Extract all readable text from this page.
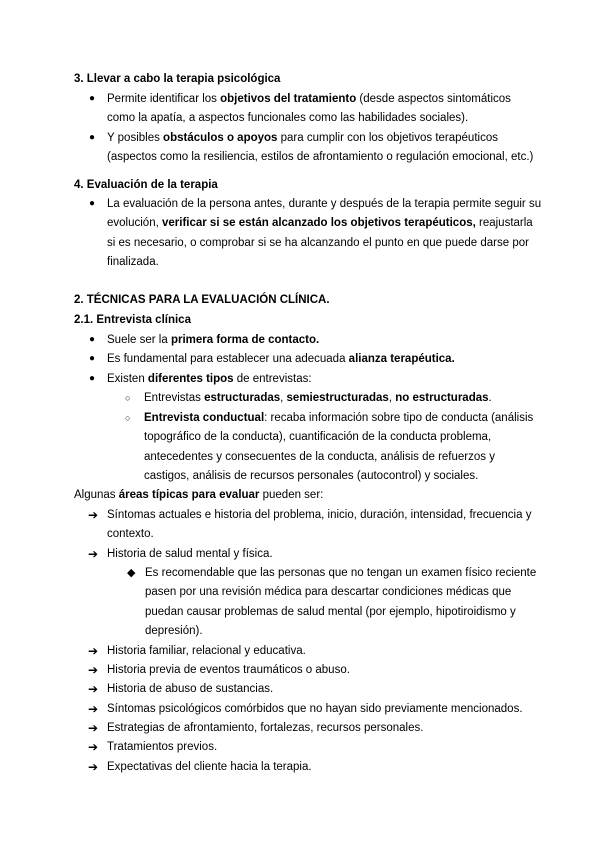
3. Llevar a cabo la terapia psicológica
● Permite identificar los objetivos del tratamiento (desde aspectos sintomáticos
como la apatía, a aspectos funcionales como las habilidades sociales).
● Y posibles obstáculos o apoyos para cumplir con los objetivos terapéuticos
(aspectos como la resiliencia, estilos de afrontamiento o regulación emocional, etc.)
4. Evaluación de la terapia
● La evaluación de la persona antes, durante y después de la terapia permite seguir su
evolución, verificar si se están alcanzado los objetivos terapéuticos, reajustarla
si es necesario, o comprobar si se ha alcanzando el punto en que puede darse por
finalizada.
2. TÉCNICAS PARA LA EVALUACIÓN CLÍNICA.
2.1. Entrevista clínica
● Suele ser la primera forma de contacto.
● Es fundamental para establecer una adecuada alianza terapéutica.
● Existen diferentes tipos de entrevistas:
○ Entrevistas estructuradas, semiestructuradas, no estructuradas.
○ Entrevista conductual: recaba información sobre tipo de conducta (análisis
topográfico de la conducta), cuantificación de la conducta problema,
antecedentes y consecuentes de la conducta, análisis de refuerzos y
castigos, análisis de recursos personales (autocontrol) y sociales.
Algunas áreas típicas para evaluar pueden ser:
➔ Síntomas actuales e historia del problema, inicio, duración, intensidad, frecuencia y
contexto.
➔ Historia de salud mental y física.
◆ Es recomendable que las personas que no tengan un examen físico reciente
pasen por una revisión médica para descartar condiciones médicas que
puedan causar problemas de salud mental (por ejemplo, hipotiroidismo y
depresión).
➔ Historia familiar, relacional y educativa.
➔ Historia previa de eventos traumáticos o abuso.
➔ Historia de abuso de sustancias.
➔ Síntomas psicológicos comórbidos que no hayan sido previamente mencionados.
➔ Estrategias de afrontamiento, fortalezas, recursos personales.
➔ Tratamientos previos.
➔ Expectativas del cliente hacia la terapia.
